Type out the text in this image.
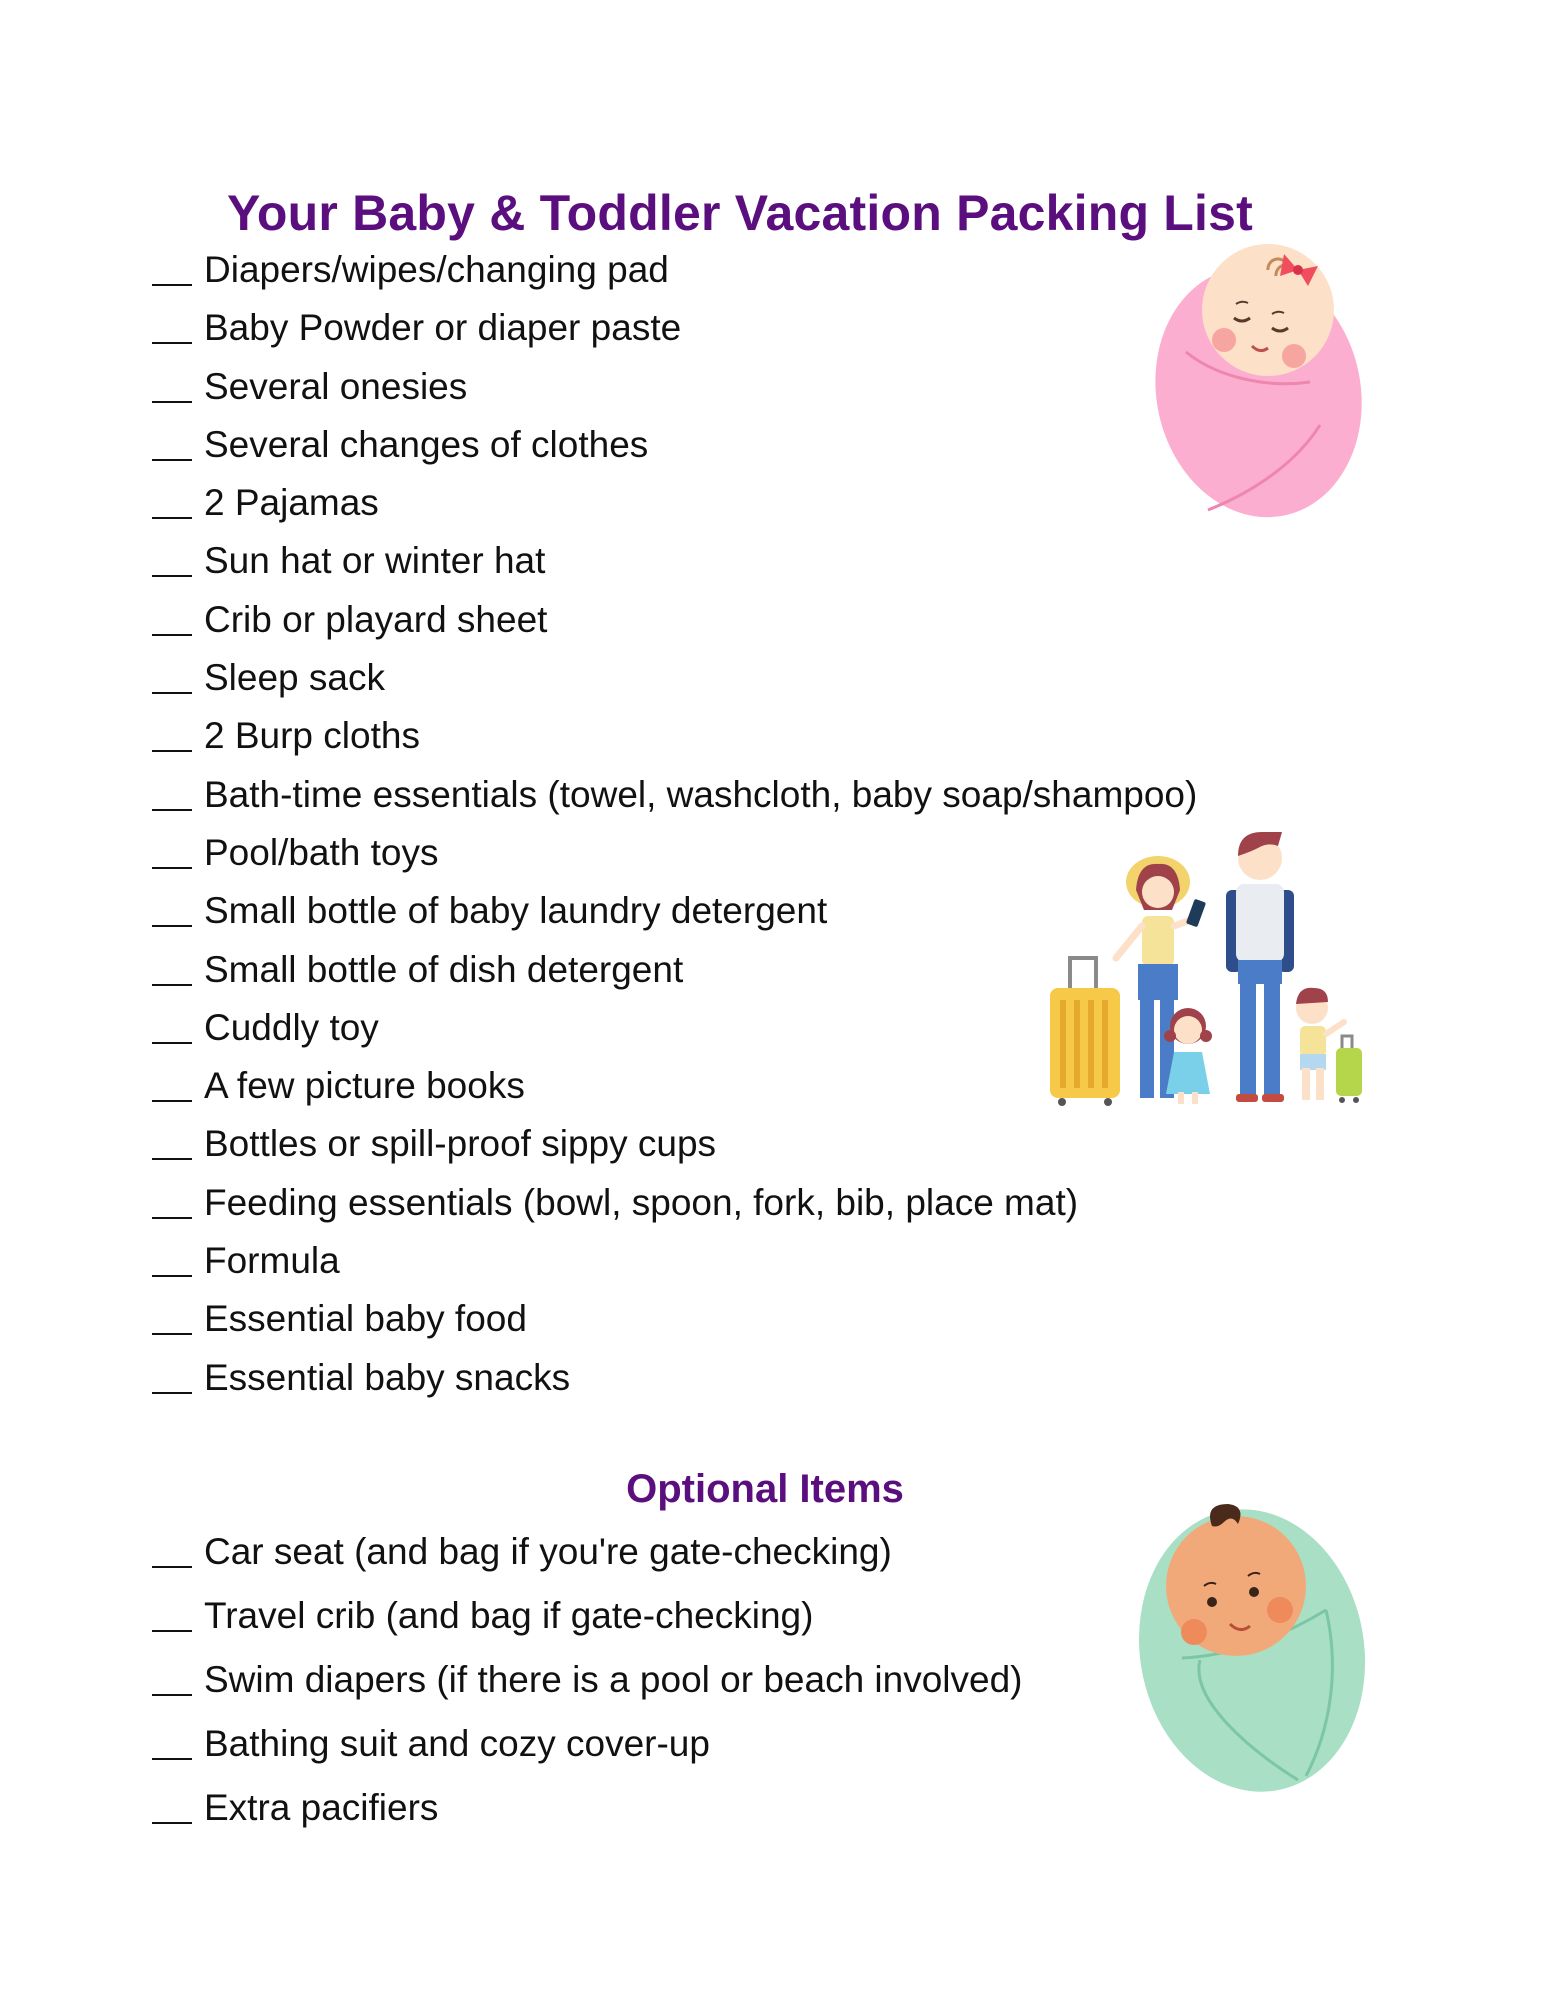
Your Baby & Toddler Vacation Packing List
Diapers/wipes/changing pad
Baby Powder or diaper paste
Several onesies
Several changes of clothes
2 Pajamas
Sun hat or winter hat
Crib or playard sheet
Sleep sack
2 Burp cloths
Bath-time essentials (towel, washcloth, baby soap/shampoo)
Pool/bath toys
Small bottle of baby laundry detergent
Small bottle of dish detergent
Cuddly toy
A few picture books
Bottles or spill-proof sippy cups
Feeding essentials (bowl, spoon, fork, bib, place mat)
Formula
Essential baby food
Essential baby snacks
Optional Items
Car seat (and bag if you're gate-checking)
Travel crib (and bag if gate-checking)
Swim diapers (if there is a pool or beach involved)
Bathing suit and cozy cover-up
Extra pacifiers
